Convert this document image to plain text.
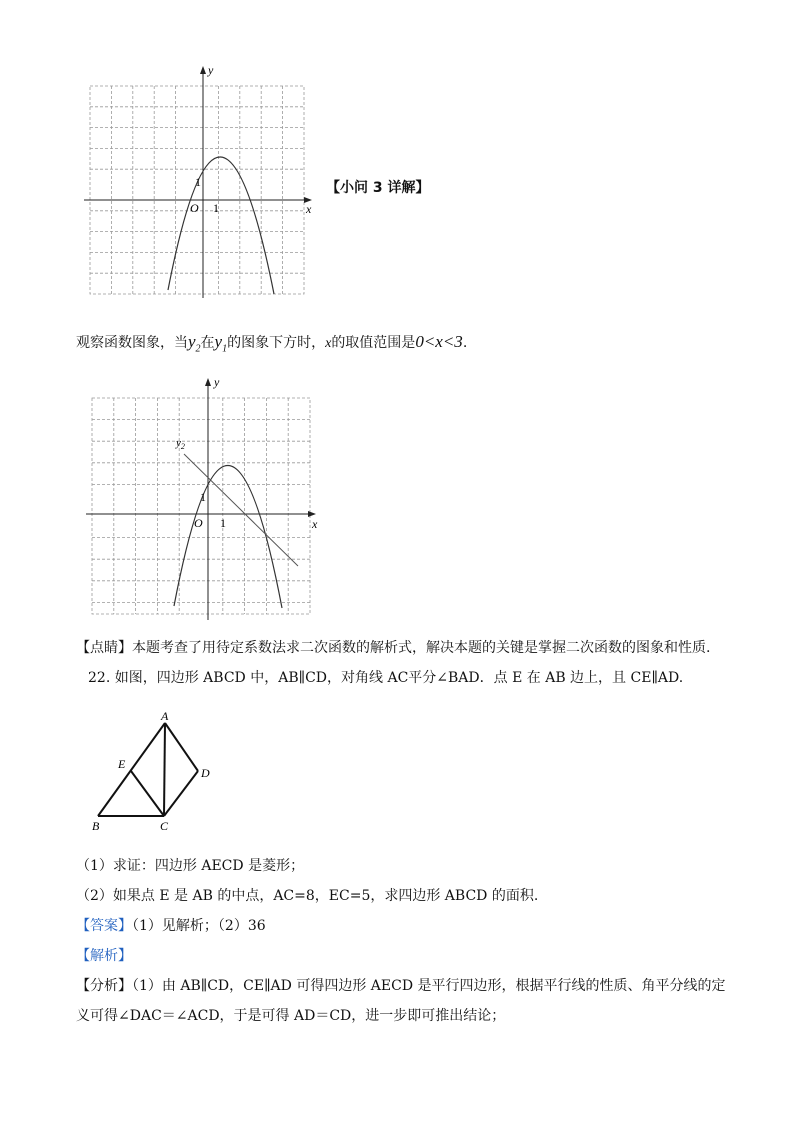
y
x
O 1
1	【小问 3 详解】
观察函数图象，当$y_2$在$y_1$的图象下方时，x的取值范围是0<x<3.
$y_2$
y
x
O 1
1
【点睛】本题考查了用待定系数法求二次函数的解析式，解决本题的关键是掌握二次函数的图象和性质.
22. 如图，四边形 ABCD 中，AB∥CD，对角线 AC平分∠BAD．点 E 在 AB 边上，且 CE∥AD.
A
B	C
D
E
（1）求证：四边形 AECD 是菱形；
（2）如果点 E 是 AB 的中点，AC=8，EC=5，求四边形 ABCD 的面积.
【答案】（1）见解析；（2）36
【解析】
【分析】（1）由 AB∥CD，CE∥AD 可得四边形 AECD 是平行四边形，根据平行线的性质、角平分线的定
义可得∠DAC＝∠ACD，于是可得 AD＝CD，进一步即可推出结论；
